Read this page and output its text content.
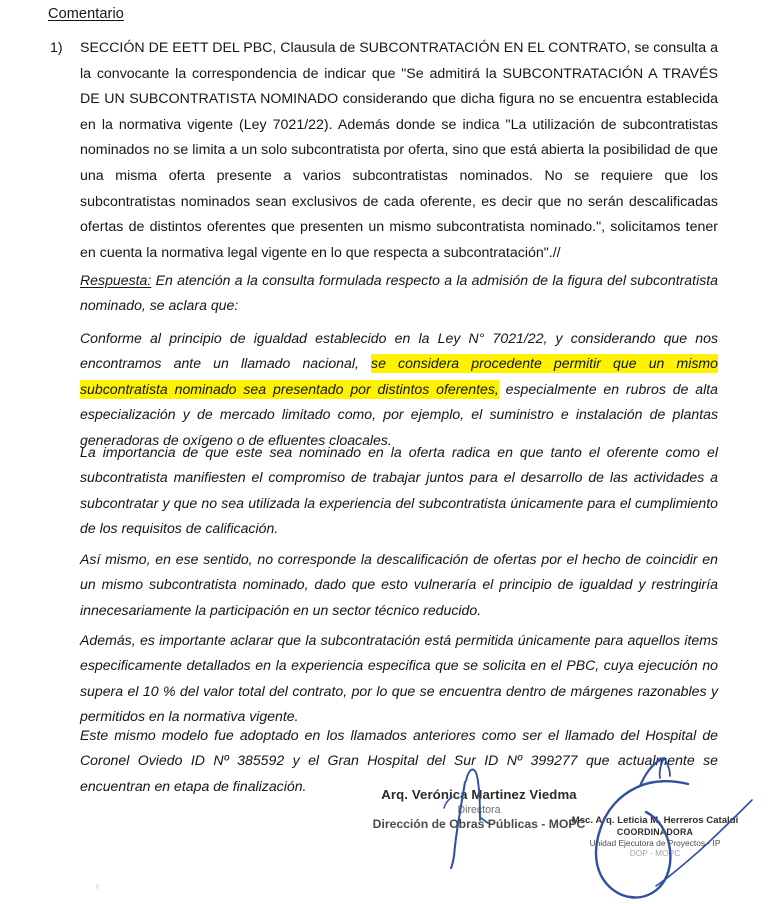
Comentario
1)	SECCIÓN DE EETT DEL PBC, Clausula de SUBCONTRATACIÓN EN EL CONTRATO, se consulta a la convocante la correspondencia de indicar que "Se admitirá la SUBCONTRATACIÓN A TRAVÉS DE UN SUBCONTRATISTA NOMINADO considerando que dicha figura no se encuentra establecida en la normativa vigente (Ley 7021/22). Además donde se indica "La utilización de subcontratistas nominados no se limita a un solo subcontratista por oferta, sino que está abierta la posibilidad de que una misma oferta presente a varios subcontratistas nominados. No se requiere que los subcontratistas nominados sean exclusivos de cada oferente, es decir que no serán descalificadas ofertas de distintos oferentes que presenten un mismo subcontratista nominado.", solicitamos tener en cuenta la normativa legal vigente en lo que respecta a subcontratación".//
Respuesta: En atención a la consulta formulada respecto a la admisión de la figura del subcontratista nominado, se aclara que:
Conforme al principio de igualdad establecido en la Ley N° 7021/22, y considerando que nos encontramos ante un llamado nacional, se considera procedente permitir que un mismo subcontratista nominado sea presentado por distintos oferentes, especialmente en rubros de alta especialización y de mercado limitado como, por ejemplo, el suministro e instalación de plantas generadoras de oxígeno o de efluentes cloacales.
La importancia de que este sea nominado en la oferta radica en que tanto el oferente como el subcontratista manifiesten el compromiso de trabajar juntos para el desarrollo de las actividades a subcontratar y que no sea utilizada la experiencia del subcontratista únicamente para el cumplimiento de los requisitos de calificación.
Así mismo, en ese sentido, no corresponde la descalificación de ofertas por el hecho de coincidir en un mismo subcontratista nominado, dado que esto vulneraría el principio de igualdad y restringiría innecesariamente la participación en un sector técnico reducido.
Además, es importante aclarar que la subcontratación está permitida únicamente para aquellos items especificamente detallados en la experiencia especifica que se solicita en el PBC, cuya ejecución no supera el 10 % del valor total del contrato, por lo que se encuentra dentro de márgenes razonables y permitidos en la normativa vigente.
Este mismo modelo fue adoptado en los llamados anteriores como ser el llamado del Hospital de Coronel Oviedo ID Nº 385592 y el Gran Hospital del Sur ID Nº 399277 que actualmente se encuentran en etapa de finalización.
Arq. Verónica Martinez Viedma
Directora
Dirección de Obras Públicas - MOPC
Msc. Arq. Leticia M. Herreros Cataldi
COORDINADORA
Unidad Ejecutora de Proyectos - IP
DOP - MOPC
